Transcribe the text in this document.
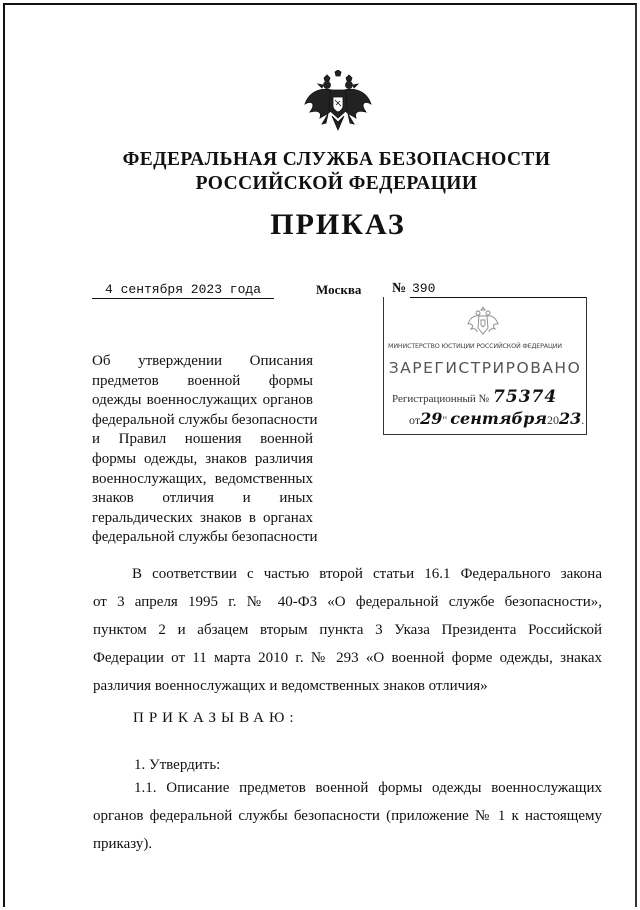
ФЕДЕРАЛЬНАЯ СЛУЖБА БЕЗОПАСНОСТИ
РОССИЙСКОЙ ФЕДЕРАЦИИ
ПРИКАЗ
4 сентября 2023 года	Москва № 390
МИНИСТЕРСТВО ЮСТИЦИИ РОССИЙСКОЙ ФЕДЕРАЦИИ
ЗАРЕГИСТРИРОВАНО
Регистрационный № 75374
от29" сентября2023.
Об утверждении Описания
предметов военной формы
одежды военнослужащих органов
федеральной службы безопасности
и Правил ношения военной
формы одежды, знаков различия
военнослужащих, ведомственных
знаков отличия и иных
геральдических знаков в органах
федеральной службы безопасности
В соответствии с частью второй статьи 16.1 Федерального закона
от 3 апреля 1995 г. № 40-ФЗ «О федеральной службе безопасности»,
пунктом 2 и абзацем вторым пункта 3 Указа Президента Российской
Федерации от 11 марта 2010 г. № 293 «О военной форме одежды, знаках
различия военнослужащих и ведомственных знаков отличия»
ПРИКАЗЫВАЮ:
1. Утвердить:
1.1. Описание предметов военной формы одежды военнослужащих
органов федеральной службы безопасности (приложение № 1 к настоящему
приказу).
